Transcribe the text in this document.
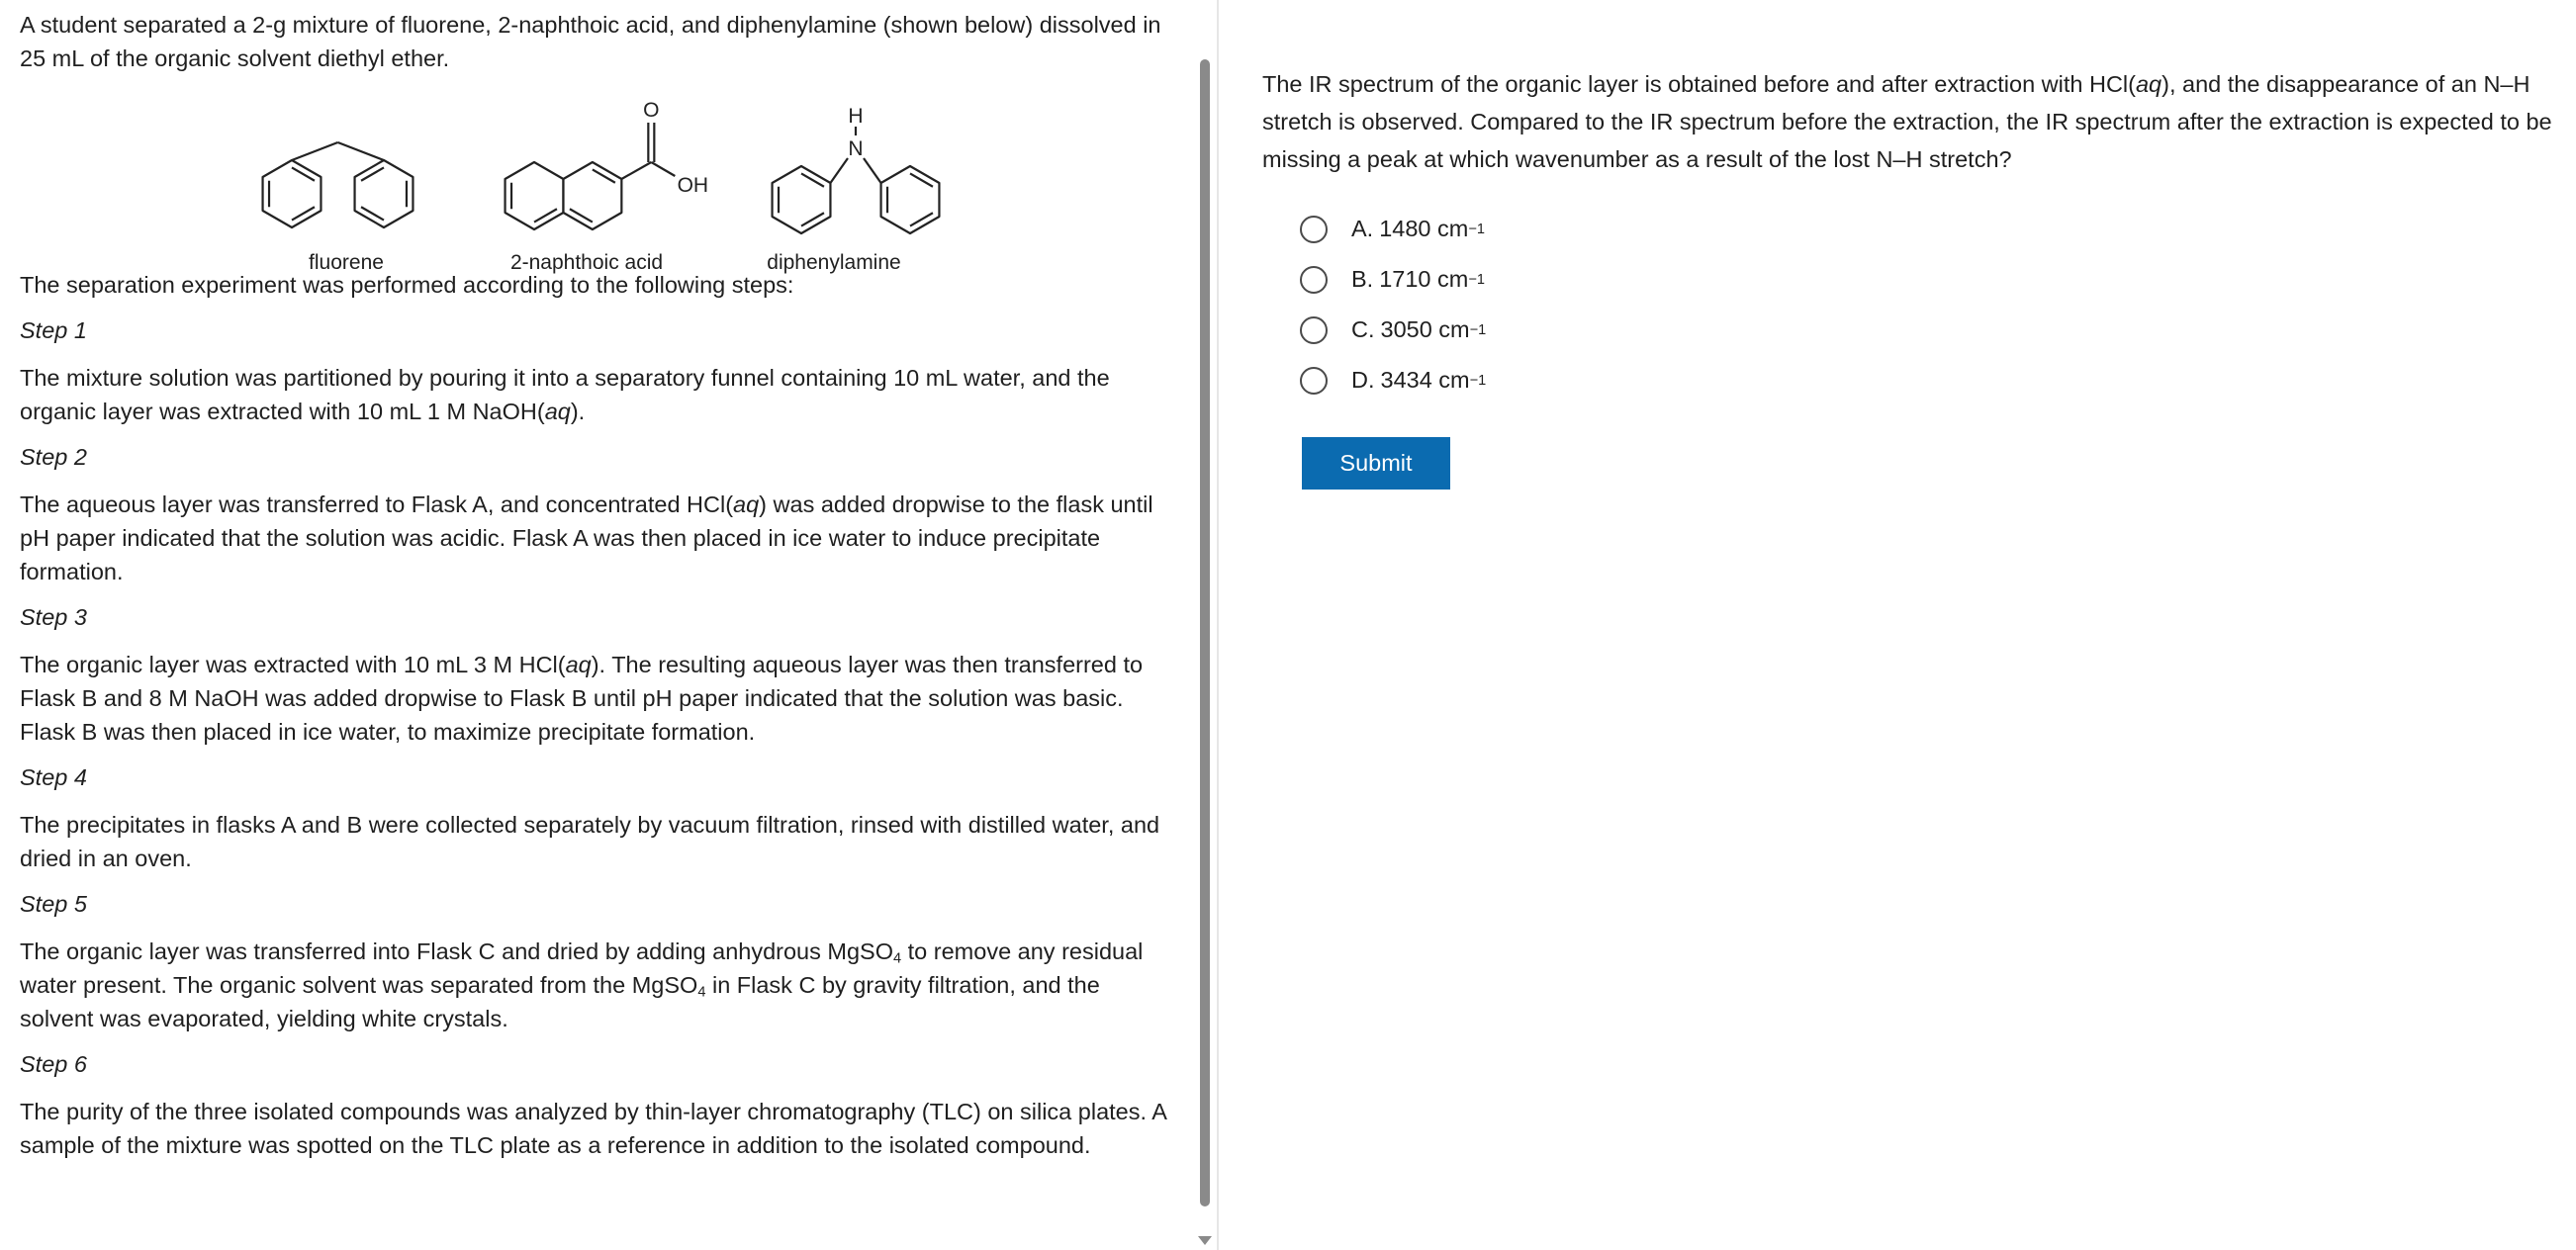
A student separated a 2-g mixture of fluorene, 2-naphthoic acid, and diphenylamine (shown below) dissolved in 25 mL of the organic solvent diethyl ether.

O
OH
N
H
fluorene	2-naphthoic acid	diphenylamine

The separation experiment was performed according to the following steps:

Step 1

The mixture solution was partitioned by pouring it into a separatory funnel containing 10 mL water, and the organic layer was extracted with 10 mL 1 M NaOH(aq).

Step 2

The aqueous layer was transferred to Flask A, and concentrated HCl(aq) was added dropwise to the flask until pH paper indicated that the solution was acidic. Flask A was then placed in ice water to induce precipitate formation.

Step 3

The organic layer was extracted with 10 mL 3 M HCl(aq). The resulting aqueous layer was then transferred to Flask B and 8 M NaOH was added dropwise to Flask B until pH paper indicated that the solution was basic. Flask B was then placed in ice water, to maximize precipitate formation.

Step 4

The precipitates in flasks A and B were collected separately by vacuum filtration, rinsed with distilled water, and dried in an oven.

Step 5

The organic layer was transferred into Flask C and dried by adding anhydrous MgSO$_4$ to remove any residual water present. The organic solvent was separated from the MgSO$_4$ in Flask C by gravity filtration, and the solvent was evaporated, yielding white crystals.

Step 6

The purity of the three isolated compounds was analyzed by thin-layer chromatography (TLC) on silica plates. A sample of the mixture was spotted on the TLC plate as a reference in addition to the isolated compound.

The IR spectrum of the organic layer is obtained before and after extraction with HCl(aq), and the disappearance of an N–H stretch is observed. Compared to the IR spectrum before the extraction, the IR spectrum after the extraction is expected to be missing a peak at which wavenumber as a result of the lost N–H stretch?

A. 1480 cm −1
B. 1710 cm −1
C. 3050 cm −1
D. 3434 cm −1
Submit
